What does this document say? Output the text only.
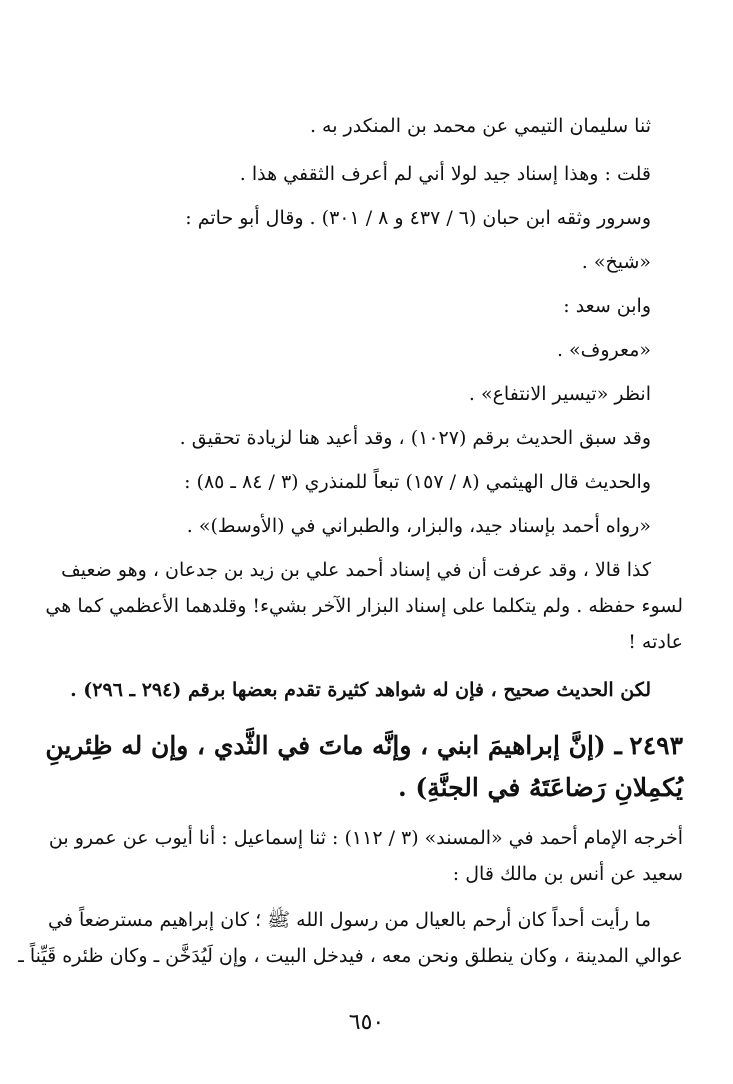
ثنا سليمان التيمي عن محمد بن المنكدر به .
قلت : وهذا إسناد جيد لولا أني لم أعرف الثقفي هذا .
وسرور وثقه ابن حبان (٦ / ٤٣٧ و ٨ / ٣٠١) . وقال أبو حاتم :
«شيخ» .
وابن سعد :
«معروف» .
انظر «تيسير الانتفاع» .
وقد سبق الحديث برقم (١٠٢٧) ، وقد أعيد هنا لزيادة تحقيق .
والحديث قال الهيثمي (٨ / ١٥٧) تبعاً للمنذري (٣ / ٨٤ ـ ٨٥) :
«رواه أحمد بإسناد جيد، والبزار، والطبراني في (الأوسط)» .
كذا قالا ، وقد عرفت أن في إسناد أحمد علي بن زيد بن جدعان ، وهو ضعيف
لسوء حفظه . ولم يتكلما على إسناد البزار الآخر بشيء! وقلدهما الأعظمي كما هي
عادته !
لكن الحديث صحيح ، فإن له شواهد كثيرة تقدم بعضها برقم (٢٩٤ ـ ٢٩٦) .
٢٤٩٣ـ (إنَّ إبراهيمَ ابني ، وإنَّه ماتَ في الثَّدي ، وإن له ظِئرينِ
يُكمِلانِ رَضاعَتَهُ في الجنَّةِ) .
أخرجه الإمام أحمد في «المسند» (٣ / ١١٢) : ثنا إسماعيل : أنا أيوب عن عمرو بن
سعيد عن أنس بن مالك قال :
ما رأيت أحداً كان أرحم بالعيال من رسول الله ﷺ ؛ كان إبراهيم مسترضعاً في
عوالي المدينة ، وكان ينطلق ونحن معه ، فيدخل البيت ، وإن لَيُدَخَّن ـ وكان ظئره قَيِّناً ـ
٦٥٠
